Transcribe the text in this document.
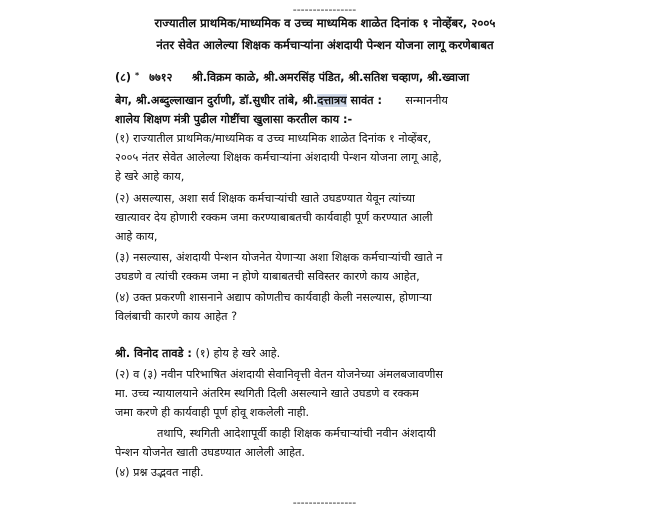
----------------
राज्यातील प्राथमिक/माध्यमिक व उच्च माध्यमिक शाळेत दिनांक १ नोव्हेंबर, २००५
नंतर सेवेत आलेल्या शिक्षक कर्मचाऱ्यांना अंशदायी पेन्शन योजना लागू करणेबाबत
(८) * ७७१२ श्री.विक्रम काळे, श्री.अमरसिंह पंडित, श्री.सतिश चव्हाण, श्री.ख्वाजा
बेग, श्री.अब्दुल्लाखान दुर्राणी, डॉ.सुधीर तांबे, श्री.दत्तात्रय सावंत : सन्माननीय
शालेय शिक्षण मंत्री पुढील गोष्टींचा खुलासा करतील काय :-
(१) राज्यातील प्राथमिक/माध्यमिक व उच्च माध्यमिक शाळेत दिनांक १ नोव्हेंबर,
२००५ नंतर सेवेत आलेल्या शिक्षक कर्मचाऱ्यांना अंशदायी पेन्शन योजना लागू आहे,
हे खरे आहे काय,
(२) असल्यास, अशा सर्व शिक्षक कर्मचाऱ्यांची खाते उघडण्यात येवून त्यांच्या
खात्यावर देय होणारी रक्कम जमा करण्याबाबतची कार्यवाही पूर्ण करण्यात आली
आहे काय,
(३) नसल्यास, अंशदायी पेन्शन योजनेत येणाऱ्या अशा शिक्षक कर्मचाऱ्यांची खाते न
उघडणे व त्यांची रक्कम जमा न होणे याबाबतची सविस्तर कारणे काय आहेत,
(४) उक्त प्रकरणी शासनाने अद्याप कोणतीच कार्यवाही केली नसल्यास, होणाऱ्या
विलंबाची कारणे काय आहेत ?
श्री. विनोद तावडे : (१) होय हे खरे आहे.
(२) व (३) नवीन परिभाषित अंशदायी सेवानिवृत्ती वेतन योजनेच्या अंमलबजावणीस
मा. उच्च न्यायालयाने अंतरिम स्थगिती दिली असल्याने खाते उघडणे व रक्कम
जमा करणे ही कार्यवाही पूर्ण होवू शकलेली नाही.
तथापि, स्थगिती आदेशापूर्वी काही शिक्षक कर्मचाऱ्यांची नवीन अंशदायी
पेन्शन योजनेत खाती उघडण्यात आलेली आहेत.
(४) प्रश्न उद्भवत नाही.
----------------
